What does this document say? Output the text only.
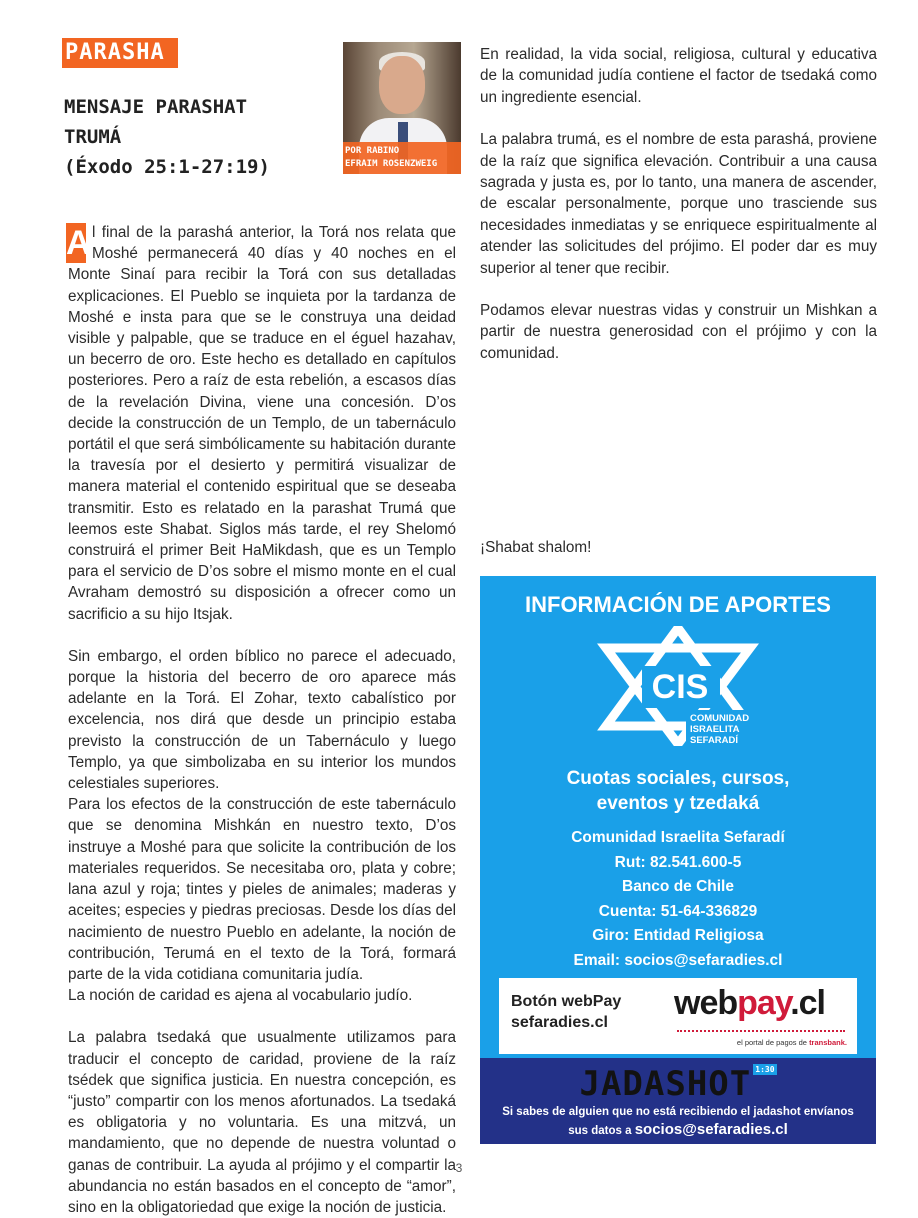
PARASHA
MENSAJE PARASHAT
TRUMÁ
(Éxodo 25:1-27:19)
POR RABINO
EFRAIM ROSENZWEIG

A l final de la parashá anterior, la Torá nos relata que Moshé permanecerá 40 días y 40 noches en el Monte Sinaí para recibir la Torá con sus detalladas explicaciones. El Pueblo se inquieta por la tardanza de Moshé e insta para que se le construya una deidad visible y palpable, que se traduce en el éguel hazahav, un becerro de oro. Este hecho es detallado en capítulos posteriores. Pero a raíz de esta rebelión, a escasos días de la revelación Divina, viene una concesión. D’os decide la construcción de un Templo, de un tabernáculo portátil el que será simbólicamente su habitación durante la travesía por el desierto y permitirá visualizar de manera material el contenido espiritual que se deseaba transmitir. Esto es relatado en la parashat Trumá que leemos este Shabat. Siglos más tarde, el rey Shelomó construirá el primer Beit HaMikdash, que es un Templo para el servicio de D’os sobre el mismo monte en el cual Avraham demostró su disposición a ofrecer como un sacrificio a su hijo Itsjak.

Sin embargo, el orden bíblico no parece el adecuado, porque la historia del becerro de oro aparece más adelante en la Torá. El Zohar, texto cabalístico por excelencia, nos dirá que desde un principio estaba previsto la construcción de un Tabernáculo y luego Templo, ya que simbolizaba en su interior los mundos celestiales superiores.

Para los efectos de la construcción de este tabernáculo que se denomina Mishkán en nuestro texto, D’os instruye a Moshé para que solicite la contribución de los materiales requeridos. Se necesitaba oro, plata y cobre; lana azul y roja; tintes y pieles de animales; maderas y aceites; especies y piedras preciosas. Desde los días del nacimiento de nuestro Pueblo en adelante, la noción de contribución, Terumá en el texto de la Torá, formará parte de la vida cotidiana comunitaria judía.

La noción de caridad es ajena al vocabulario judío.

La palabra tsedaká que usualmente utilizamos para traducir el concepto de caridad, proviene de la raíz tsédek que significa justicia. En nuestra concepción, es “justo” compartir con los menos afortunados. La tsedaká es obligatoria y no voluntaria. Es una mitzvá, un mandamiento, que no depende de nuestra voluntad o ganas de contribuir. La ayuda al prójimo y el compartir la abundancia no están basados en el concepto de “amor”, sino en la obligatoriedad que exige la noción de justicia.

En realidad, la vida social, religiosa, cultural y educativa de la comunidad judía contiene el factor de tsedaká como un ingrediente esencial.

La palabra trumá, es el nombre de esta parashá, proviene de la raíz que significa elevación. Contribuir a una causa sagrada y justa es, por lo tanto, una manera de ascender, de escalar personalmente, porque uno trasciende sus necesidades inmediatas y se enriquece espiritualmente al atender las solicitudes del prójimo. El poder dar es muy superior al tener que recibir.

Podamos elevar nuestras vidas y construir un Mishkan a partir de nuestra generosidad con el prójimo y con la comunidad.

¡Shabat shalom!
INFORMACIÓN DE APORTES
CIS
COMUNIDAD
ISRAELITA
SEFARADÍ
Cuotas sociales, cursos,
eventos y tzedaká
Comunidad Israelita Sefaradí
Rut: 82.541.600-5
Banco de Chile
Cuenta: 51-64-336829
Giro: Entidad Religiosa
Email: socios@sefaradies.cl
Botón webPay
sefaradies.cl
webpay.cl
el portal de pagos de transbank.
JADASHOT 1:30
Si sabes de alguien que no está recibiendo el jadashot envíanos
sus datos a socios@sefaradies.cl
3
